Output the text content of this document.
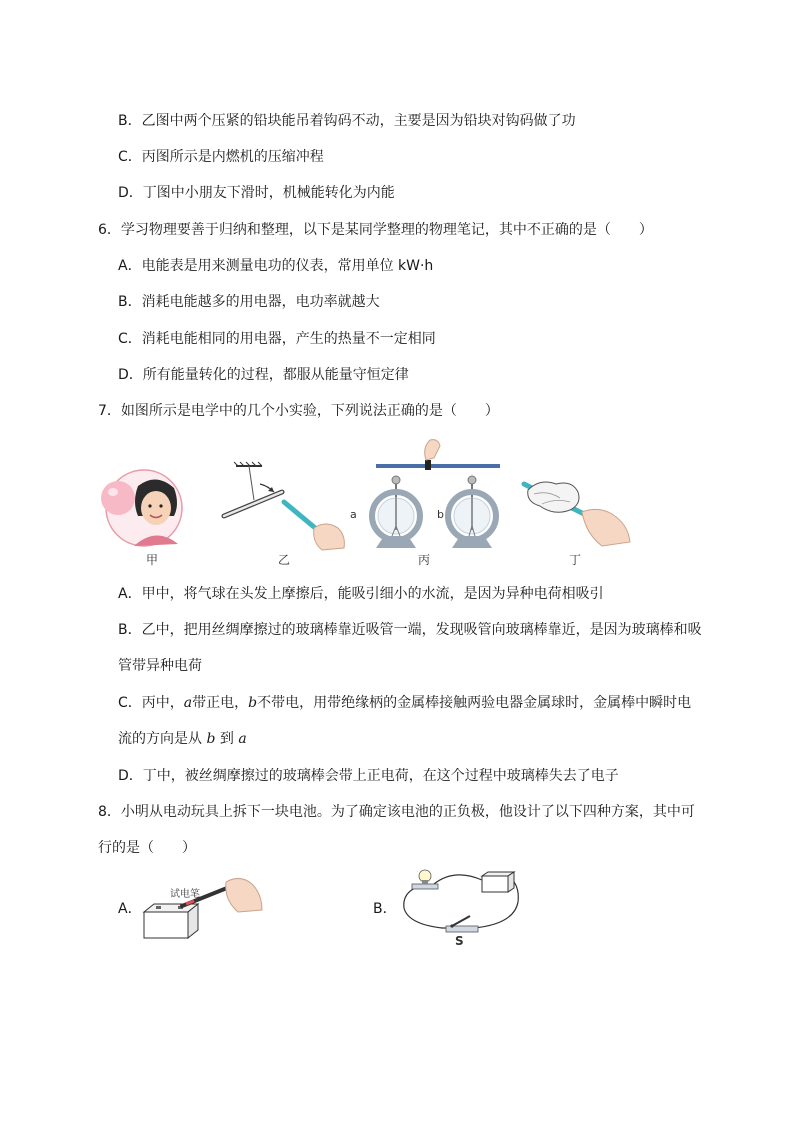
B．乙图中两个压紧的铅块能吊着钩码不动，主要是因为铅块对钩码做了功
C．丙图所示是内燃机的压缩冲程
D．丁图中小朋友下滑时，机械能转化为内能
6．学习物理要善于归纳和整理，以下是某同学整理的物理笔记，其中不正确的是（　　）
A．电能表是用来测量电功的仪表，常用单位 kW·h
B．消耗电能越多的用电器，电功率就越大
C．消耗电能相同的用电器，产生的热量不一定相同
D．所有能量转化的过程，都服从能量守恒定律
7．如图所示是电学中的几个小实验，下列说法正确的是（　　）
甲	乙
a	b
丙	丁
A．甲中，将气球在头发上摩擦后，能吸引细小的水流，是因为异种电荷相吸引
B．乙中，把用丝绸摩擦过的玻璃棒靠近吸管一端，发现吸管向玻璃棒靠近，是因为玻璃棒和吸
管带异种电荷
C．丙中，a带正电，b不带电，用带绝缘柄的金属棒接触两验电器金属球时，金属棒中瞬时电
流的方向是从 b 到 a
D．丁中，被丝绸摩擦过的玻璃棒会带上正电荷，在这个过程中玻璃棒失去了电子
8．小明从电动玩具上拆下一块电池。为了确定该电池的正负极，他设计了以下四种方案，其中可
行的是（　　）
A．
试电笔
B．
S
